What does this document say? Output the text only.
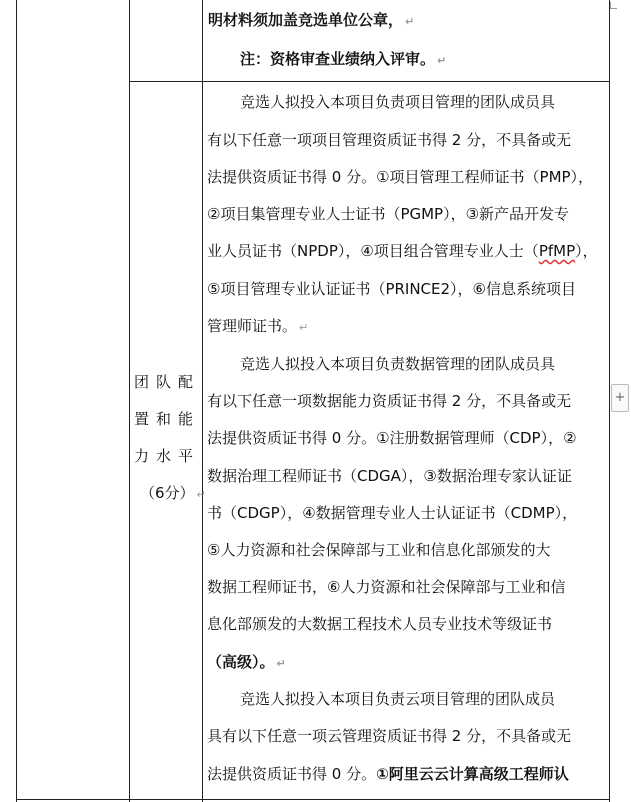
明材料须加盖竞选单位公章， ↵
注：资格审查业绩纳入评审。 ↵
团队配
置和能
力水平
（6分） ↵
竞选人拟投入本项目负责项目管理的团队成员具
有以下任意一项项目管理资质证书得 2 分，不具备或无
法提供资质证书得 0 分。①项目管理工程师证书（PMP），
②项目集管理专业人士证书（PGMP），③新产品开发专
业人员证书（NPDP），④项目组合管理专业人士（PfMP），
⑤项目管理专业认证证书（PRINCE2），⑥信息系统项目
管理师证书。 ↵
竞选人拟投入本项目负责数据管理的团队成员具
有以下任意一项数据能力资质证书得 2 分，不具备或无
法提供资质证书得 0 分。①注册数据管理师（CDP），②
数据治理工程师证书（CDGA），③数据治理专家认证证
书（CDGP），④数据管理专业人士认证证书（CDMP），
⑤人力资源和社会保障部与工业和信息化部颁发的大
数据工程师证书，⑥人力资源和社会保障部与工业和信
息化部颁发的大数据工程技术人员专业技术等级证书
（高级）。 ↵
竞选人拟投入本项目负责云项目管理的团队成员
具有以下任意一项云管理资质证书得 2 分，不具备或无
法提供资质证书得 0 分。①阿里云云计算高级工程师认
+
